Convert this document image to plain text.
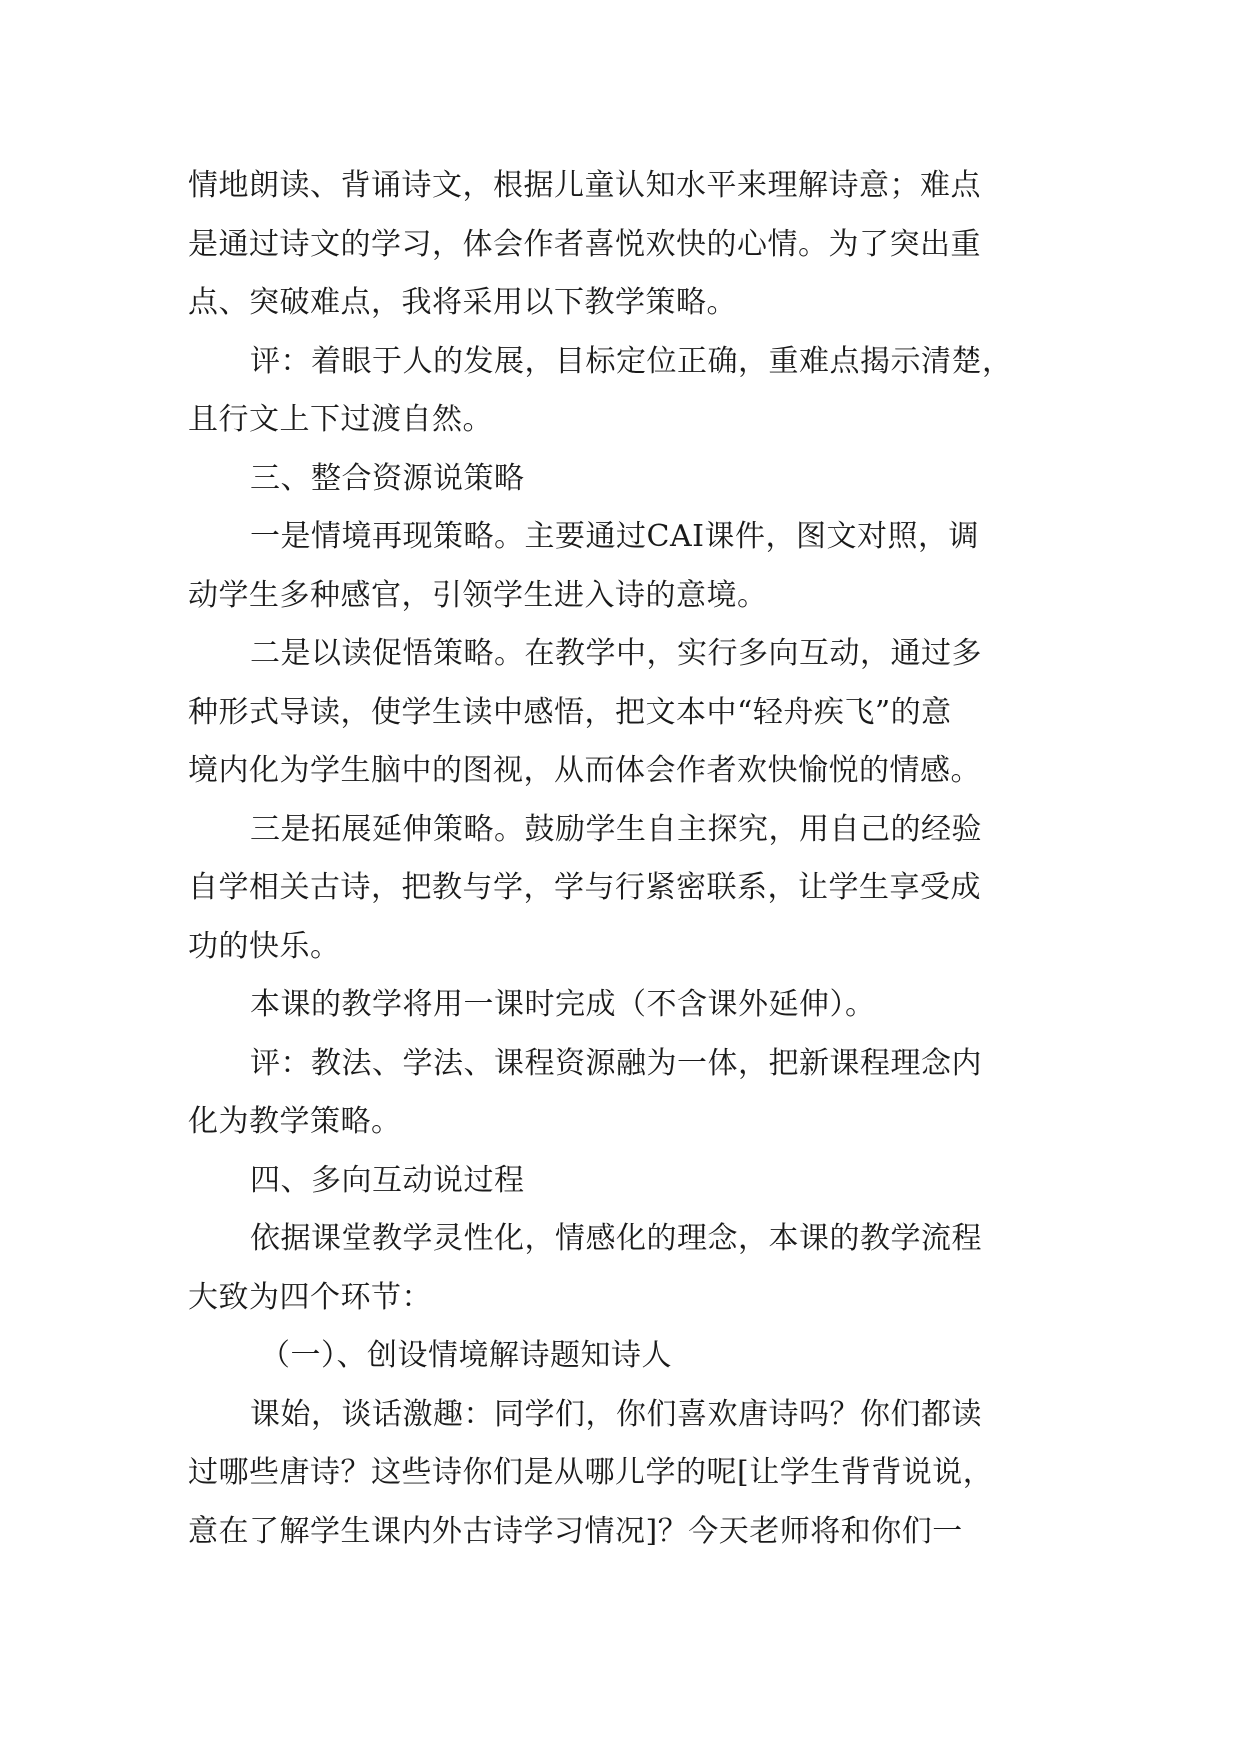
情地朗读、背诵诗文，根据儿童认知水平来理解诗意；难点
是通过诗文的学习，体会作者喜悦欢快的心情。为了突出重
点、突破难点，我将采用以下教学策略。
评：着眼于人的发展，目标定位正确，重难点揭示清楚，
且行文上下过渡自然。
三、整合资源说策略
一是情境再现策略。主要通过CAI课件，图文对照，调
动学生多种感官，引领学生进入诗的意境。
二是以读促悟策略。在教学中，实行多向互动，通过多
种形式导读，使学生读中感悟，把文本中“轻舟疾飞”的意
境内化为学生脑中的图视，从而体会作者欢快愉悦的情感。
三是拓展延伸策略。鼓励学生自主探究，用自己的经验
自学相关古诗，把教与学，学与行紧密联系，让学生享受成
功的快乐。
本课的教学将用一课时完成（不含课外延伸）。
评：教法、学法、课程资源融为一体，把新课程理念内
化为教学策略。
四、多向互动说过程
依据课堂教学灵性化，情感化的理念，本课的教学流程
大致为四个环节：
（一）、创设情境解诗题知诗人
课始，谈话激趣：同学们，你们喜欢唐诗吗？你们都读
过哪些唐诗？这些诗你们是从哪儿学的呢[让学生背背说说，
意在了解学生课内外古诗学习情况]？今天老师将和你们一
